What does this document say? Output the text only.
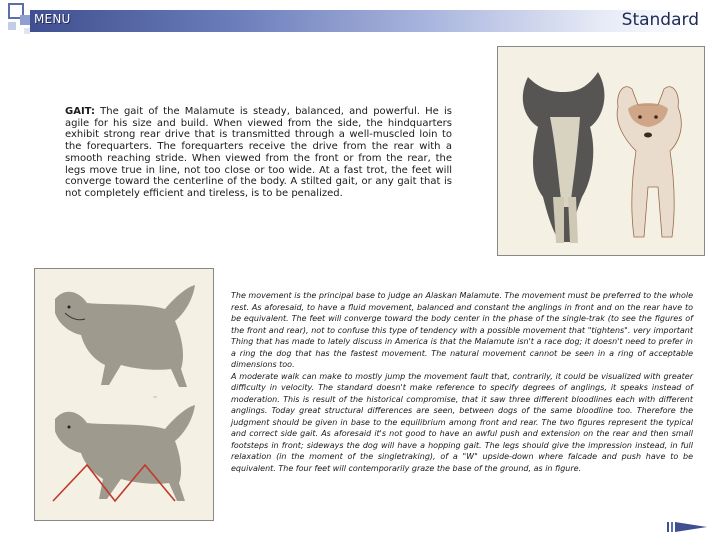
MENU	Standard
GAIT: The gait of the Malamute is steady, balanced, and powerful. He is agile for his size and build. When viewed from the side, the hindquarters exhibit strong rear drive that is transmitted through a well-muscled loin to the forequarters. The forequarters receive the drive from the rear with a smooth reaching stride. When viewed from the front or from the rear, the legs move true in line, not too close or too wide. At a fast trot, the feet will converge toward the centerline of the body. A stilted gait, or any gait that is not completely efficient and tireless, is to be penalized.
~

The movement is the principal base to judge an Alaskan Malamute. The movement must be preferred to the whole rest. As aforesaid, to have a fluid movement, balanced and constant the anglings in front and on the rear have to be equivalent. The feet will converge toward the body center in the phase of the single-trak (to see the figures of the front and rear), not to confuse this type of tendency with a possible movement that "tightens". very important Thing that has made to lately discuss in America is that the Malamute isn't a race dog; it doesn't need to prefer in a ring the dog that has the fastest movement. The natural movement cannot be seen in a ring of acceptable dimensions too.

A moderate walk can make to mostly jump the movement fault that, contrarily, it could be visualized with greater difficulty in velocity. The standard doesn't make reference to specify degrees of anglings, it speaks instead of moderation. This is result of the historical compromise, that it saw three different bloodlines each with different anglings. Today great structural differences are seen, between dogs of the same bloodline too. Therefore the judgment should be given in base to the equilibrium among front and rear. The two figures represent the typical and correct side gait. As aforesaid it's not good to have an awful push and extension on the rear and then small footsteps in front; sideways the dog will have a hopping gait. The legs should give the impression instead, in full relaxation (in the moment of the singletraking), of a "W" upside-down where falcade and push have to be equivalent. The four feet will contemporarily graze the base of the ground, as in figure.
